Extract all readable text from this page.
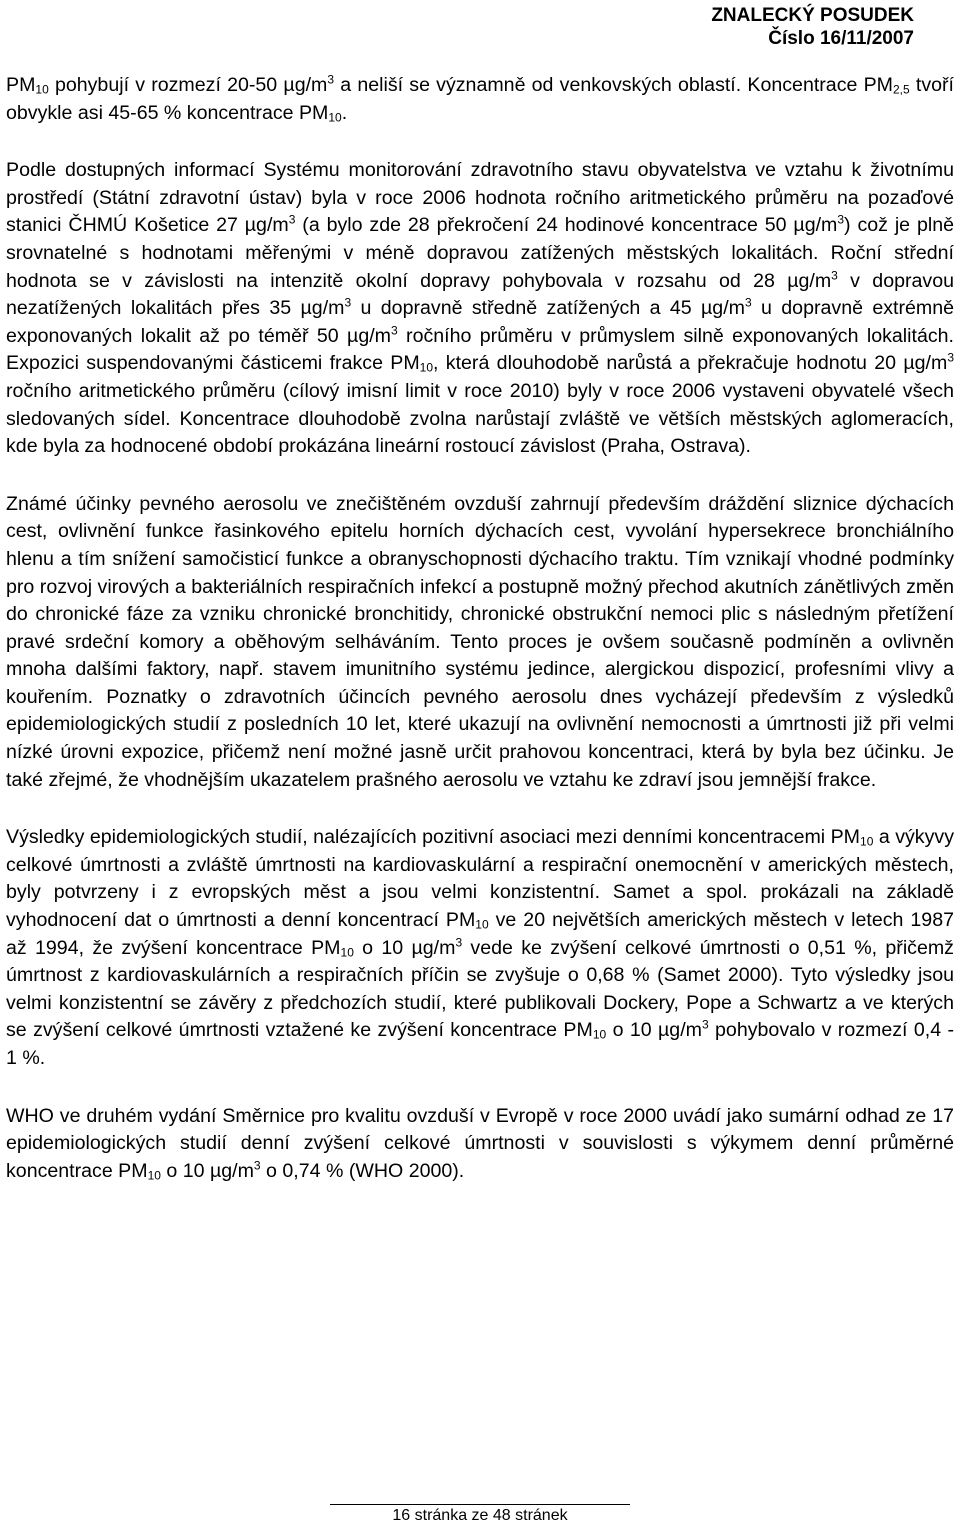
ZNALECKÝ POSUDEK
Číslo 16/11/2007

$PM_{10}$ pohybují v rozmezí 20-50 $\mu g/m^3$ a neliší se významně od venkovských oblastí. Koncentrace $PM_{2,5}$ tvoří obvykle asi 45-65 % koncentrace $PM_{10}$.

Podle dostupných informací Systému monitorování zdravotního stavu obyvatelstva ve vztahu k životnímu prostředí (Státní zdravotní ústav) byla v roce 2006 hodnota ročního aritmetického průměru na pozaďové stanici ČHMÚ Košetice 27 $\mu g/m^3$ (a bylo zde 28 překročení 24 hodinové koncentrace 50 $\mu g/m^3$) což je plně srovnatelné s hodnotami měřenými v méně dopravou zatížených městských lokalitách. Roční střední hodnota se v závislosti na intenzitě okolní dopravy pohybovala v rozsahu od 28 $\mu g/m^3$ v dopravou nezatížených lokalitách přes 35 $\mu g/m^3$ u dopravně středně zatížených a 45 $\mu g/m^3$ u dopravně extrémně exponovaných lokalit až po téměř 50 $\mu g/m^3$ ročního průměru v průmyslem silně exponovaných lokalitách. Expozici suspendovanými částicemi frakce $PM_{10}$, která dlouhodobě narůstá a překračuje hodnotu 20 $\mu g/m^3$ ročního aritmetického průměru (cílový imisní limit v roce 2010) byly v roce 2006 vystaveni obyvatelé všech sledovaných sídel. Koncentrace dlouhodobě zvolna narůstají zvláště ve větších městských aglomeracích, kde byla za hodnocené období prokázána lineární rostoucí závislost (Praha, Ostrava).

Známé účinky pevného aerosolu ve znečištěném ovzduší zahrnují především dráždění sliznice dýchacích cest, ovlivnění funkce řasinkového epitelu horních dýchacích cest, vyvolání hypersekrece bronchiálního hlenu a tím snížení samočisticí funkce a obranyschopnosti dýchacího traktu. Tím vznikají vhodné podmínky pro rozvoj virových a bakteriálních respiračních infekcí a postupně možný přechod akutních zánětlivých změn do chronické fáze za vzniku chronické bronchitidy, chronické obstrukční nemoci plic s následným přetížení pravé srdeční komory a oběhovým selháváním. Tento proces je ovšem současně podmíněn a ovlivněn mnoha dalšími faktory, např. stavem imunitního systému jedince, alergickou dispozicí, profesními vlivy a kouřením. Poznatky o zdravotních účincích pevného aerosolu dnes vycházejí především z výsledků epidemiologických studií z posledních 10 let, které ukazují na ovlivnění nemocnosti a úmrtnosti již při velmi nízké úrovni expozice, přičemž není možné jasně určit prahovou koncentraci, která by byla bez účinku. Je také zřejmé, že vhodnějším ukazatelem prašného aerosolu ve vztahu ke zdraví jsou jemnější frakce.

Výsledky epidemiologických studií, nalézajících pozitivní asociaci mezi denními koncentracemi $PM_{10}$ a výkyvy celkové úmrtnosti a zvláště úmrtnosti na kardiovaskulární a respirační onemocnění v amerických městech, byly potvrzeny i z evropských měst a jsou velmi konzistentní. Samet a spol. prokázali na základě vyhodnocení dat o úmrtnosti a denní koncentrací $PM_{10}$ ve 20 největších amerických městech v letech 1987 až 1994, že zvýšení koncentrace $PM_{10}$ o 10 $\mu g/m^3$ vede ke zvýšení celkové úmrtnosti o 0,51 %, přičemž úmrtnost z kardiovaskulárních a respiračních příčin se zvyšuje o 0,68 % (Samet 2000). Tyto výsledky jsou velmi konzistentní se závěry z předchozích studií, které publikovali Dockery, Pope a Schwartz a ve kterých se zvýšení celkové úmrtnosti vztažené ke zvýšení koncentrace $PM_{10}$ o 10 $\mu g/m^3$ pohybovalo v rozmezí 0,4 - 1 %.

WHO ve druhém vydání Směrnice pro kvalitu ovzduší v Evropě v roce 2000 uvádí jako sumární odhad ze 17 epidemiologických studií denní zvýšení celkové úmrtnosti v souvislosti s výkymem denní průměrné koncentrace $PM_{10}$ o 10 $\mu g/m^3$ o 0,74 % (WHO 2000).

16 stránka ze 48 stránek
